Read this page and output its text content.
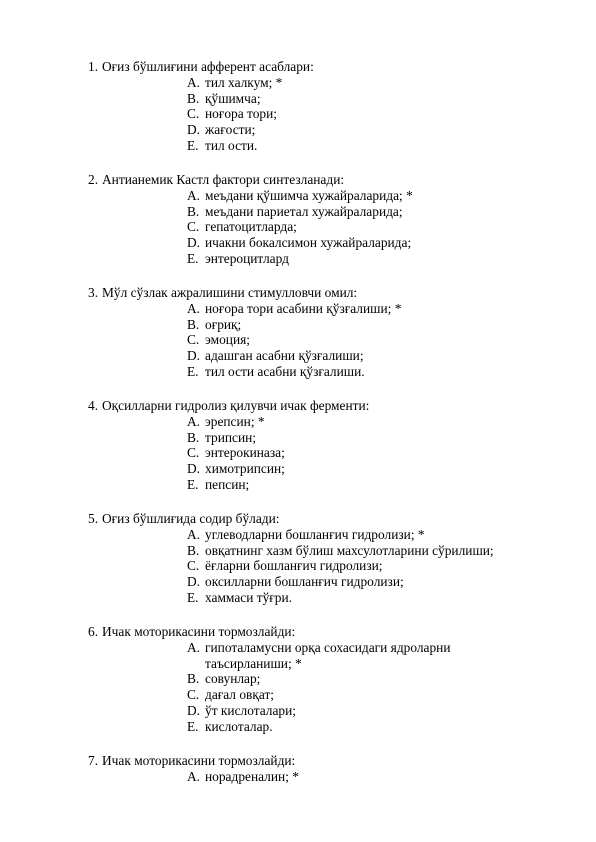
1. Оғиз бўшлиғини афферент асаблари:
A. тил халкум; *
B. қўшимча;
C. ноғора тори;
D. жағости;
E. тил ости.
2. Антианемик Кастл фактори синтезланади:
A. меъдани қўшимча хужайраларида; *
B. меъдани париетал хужайраларида;
C. гепатоцитларда;
D. ичакни бокалсимон хужайраларида;
E. энтероцитлард
3. Мўл сўзлак ажралишини стимулловчи омил:
A. ноғора тори асабини қўзғалиши; *
B. оғриқ;
C. эмоция;
D. адашган асабни қўзғалиши;
E. тил ости асабни қўзғалиши.
4. Оқсилларни гидролиз қилувчи ичак ферменти:
A. эрепсин; *
B. трипсин;
C. энтерокиназа;
D. химотрипсин;
E. пепсин;
5. Оғиз бўшлиғида содир бўлади:
A. углеводларни бошланғич гидролизи; *
B. овқатнинг хазм бўлиш махсулотларини сўрилиши;
C. ёғларни бошланғич гидролизи;
D. оксилларни бошланғич гидролизи;
E. хаммаси тўғри.
6. Ичак моторикасини тормозлайди:
A. гипоталамусни орқа сохасидаги ядроларни таъсирланиши; *
B. совунлар;
C. дағал овқат;
D. ўт кислоталари;
E. кислоталар.
7. Ичак моторикасини тормозлайди:
A. норадреналин; *
